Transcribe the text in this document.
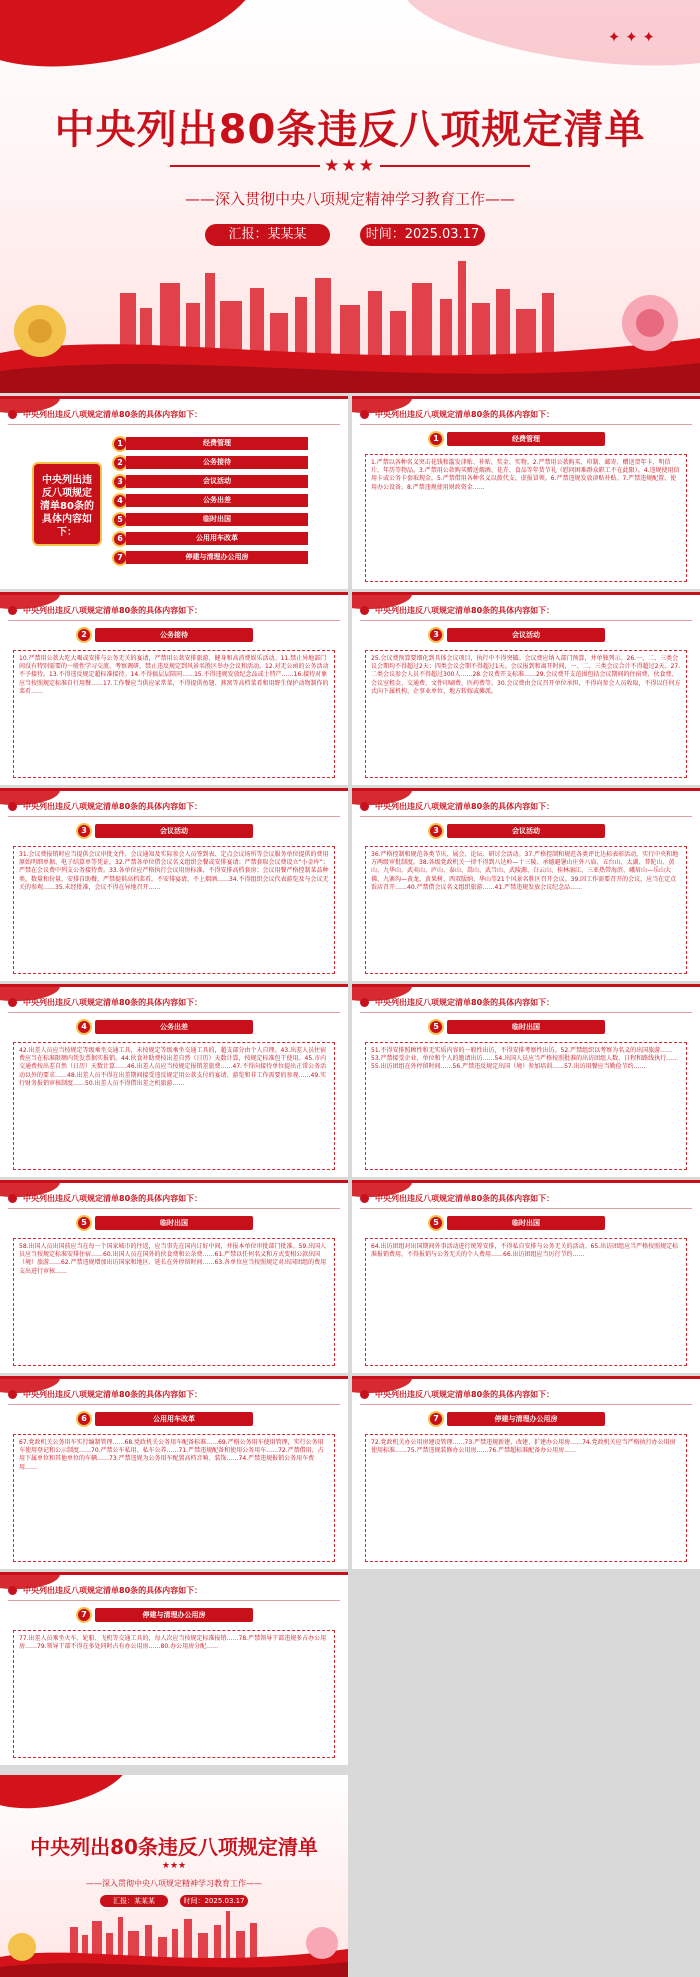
✦ ✦ ✦
中央列出80条违反八项规定清单
★★★
——深入贯彻中央八项规定精神学习教育工作——
汇报：某某某	时间：2025.03.17
中央列出违反八项规定清单80条的具体内容如下：
中央列出违反八项规定清单80条的具体内容如下：
1	经费管理
2	公务接待
3	会议活动
4	公务出差
5	临时出国
6	公用用车改革
7	停建与清理办公用房
中央列出违反八项规定清单80条的具体内容如下：
1	经费管理
1.严禁以各种名义突击花钱和滥发津贴、补贴、奖金、实物。2.严禁用公款购买、印制、邮寄、赠送贺年卡、明信片、年历等物品。3.严禁用公款购买赠送烟酒、花卉、食品等年货节礼（慰问困难群众职工不在此限）。4.违规使用信用卡或公务卡套取现金。5.严禁借用各种名义以拨代支、虚报冒领。6.严禁违规发放津贴补贴。7.严禁违规配置、使用办公设备。8.严禁违规使用财政资金……
中央列出违反八项规定清单80条的具体内容如下：
2	公务接待
10.严禁用公款大吃大喝或安排与公务无关的宴请，严禁用公款安排旅游、健身和高消费娱乐活动。11.禁止异地部门间没有特别需要的一般性学习交流、考察调研，禁止违反规定到风景名胜区举办会议和活动。12.对无公函的公务活动不予接待。13.不得违反规定超标准接待。14.不得搞层层陪同……15.不得违规发放纪念品或土特产……16.接待对象应当按照规定标准自行用餐……17.工作餐应当供应家常菜，不得提供鱼翅、燕窝等高档菜肴和用野生保护动物制作的菜肴……
中央列出违反八项规定清单80条的具体内容如下：
3	会议活动
25.会议费预算要细化到具体会议项目，执行中不得突破。会议费应纳入部门预算，并单独列示。26.一、二、三类会议会期均不得超过2天；四类会议会期不得超过1天。会议报到和离开时间，一、二、三类会议合计不得超过2天。27.二类会议参会人员不得超过300人……28.会议费开支标准……29.会议费开支范围包括会议期间的住宿费、伙食费、会议室租金、交通费、文件印刷费、医药费等。30.会议费由会议召开单位承担，不得向参会人员收取，不得以任何方式向下属机构、企事业单位、地方转嫁或摊派。
中央列出违反八项规定清单80条的具体内容如下：
3	会议活动
31.会议费报销时应当提供会议审批文件、会议通知及实际参会人员签到表、定点会议场所等会议服务单位提供的费用原始明细单据、电子结算单等凭证。32.严禁各单位借会议名义组织会餐或安排宴请；严禁套取会议费设立“小金库”；严禁在会议费中列支公务接待费。33.各单位应严格执行会议用房标准，不得安排高档套房；会议用餐严格控制菜品种类、数量和份量，安排自助餐，严禁提供高档菜肴，不安排宴请，不上烟酒……34.不得组织会议代表游览及与会议无关的参观……35.未经批准，会议不得在异地召开……
中央列出违反八项规定清单80条的具体内容如下：
3	会议活动
36.严格控制和规范各类节庆、展会、论坛、研讨会活动。37.严格控制和规范各类评比达标表彰活动，实行中央和地方两级审批制度。38.各级党政机关一律不得到八达岭—十三陵、承德避暑山庄外八庙、五台山、太湖、普陀山、黄山、九华山、武夷山、庐山、泰山、嵩山、武当山、武陵源、白云山、桂林漓江、三亚热带海滨、峨眉山—乐山大佛、九寨沟—黄龙、黄果树、西双版纳、华山等21个风景名胜区召开会议。39.因工作需要召开的会议，应当在定点饭店召开……40.严禁借会议名义组织旅游……41.严禁违规发放会议纪念品……
中央列出违反八项规定清单80条的具体内容如下：
4	公务出差
42.出差人员应当按规定等级乘坐交通工具，未按规定等级乘坐交通工具的，超支部分由个人自理。43.出差人员住宿费应当在标准限额内凭发票据实报销。44.伙食补助费按出差自然（日历）天数计算，按规定标准包干使用。45.市内交通费按出差自然（日历）天数计算……46.出差人员应当按规定报销差旅费……47.不得向接待单位提出正常公务活动以外的要求……48.出差人员不得在出差期间接受违反规定用公款支付的宴请、游览和非工作需要的参观……49.实行财务报销审核制度……50.出差人员不得借出差之机旅游……
中央列出违反八项规定清单80条的具体内容如下：
5	临时出国
51.不得安排照顾性和无实质内容的一般性出访，不得安排考察性出访。52.严禁组织以考察为名义的出国旅游……53.严禁接受企业、单位和个人的邀请出访……54.出国人员应当严格按照批准的出访团组人数、日程和路线执行……55.出访团组在外停留时间……56.严禁违反规定出国（境）参加培训……57.出访用餐应当勤俭节约……
中央列出违反八项规定清单80条的具体内容如下：
5	临时出国
58.出国人员出国前应当在每一个国家城市的往返，应当事先在国内订好中间，并报本单位审批部门批准。59.出国人员应当按规定标准安排住宿……60.出国人员在国外的伙食费和公杂费……61.严禁以任何名义和方式变相公款出国（境）旅游……62.严禁违规增加出访国家和地区、延长在外停留时间……63.各单位应当按照规定对出国团组的费用支出进行审核……
中央列出违反八项规定清单80条的具体内容如下：
5	临时出国
64.出访团组对出国期间外事活动进行统筹安排，不得私自安排与公务无关的活动。65.出访团组应当严格按照规定标准报销费用，不得报销与公务无关的个人费用……66.出访团组应当厉行节约……
中央列出违反八项规定清单80条的具体内容如下：
6	公用用车改革
67.党政机关公务用车实行编制管理……68.党政机关公务用车配备标准……69.严格公务用车使用管理，实行公务用车使用登记和公示制度……70.严禁公车私用、私车公养……71.严禁违规配备和使用公务用车……72.严禁借用、占用下属单位和其他单位的车辆……73.严禁违规为公务用车配置高档音响、装饰……74.严禁违规报销公务用车费用……
中央列出违反八项规定清单80条的具体内容如下：
7	停建与清理办公用房
72.党政机关办公用房建设管理……73.严禁违规新建、改建、扩建办公用房……74.党政机关应当严格执行办公用房使用标准……75.严禁违规装修办公用房……76.严禁超标准配备办公用房……
中央列出违反八项规定清单80条的具体内容如下：
7	停建与清理办公用房
77.出差人员乘坐火车、轮船、飞机等交通工具的，每人次应当按规定标准报销……78.严禁领导干部违规多占办公用房……79.领导干部不得在多处同时占有办公用房……80.办公用房分配……
中央列出80条违反八项规定清单
★★★
——深入贯彻中央八项规定精神学习教育工作——
汇报：某某某	时间：2025.03.17
